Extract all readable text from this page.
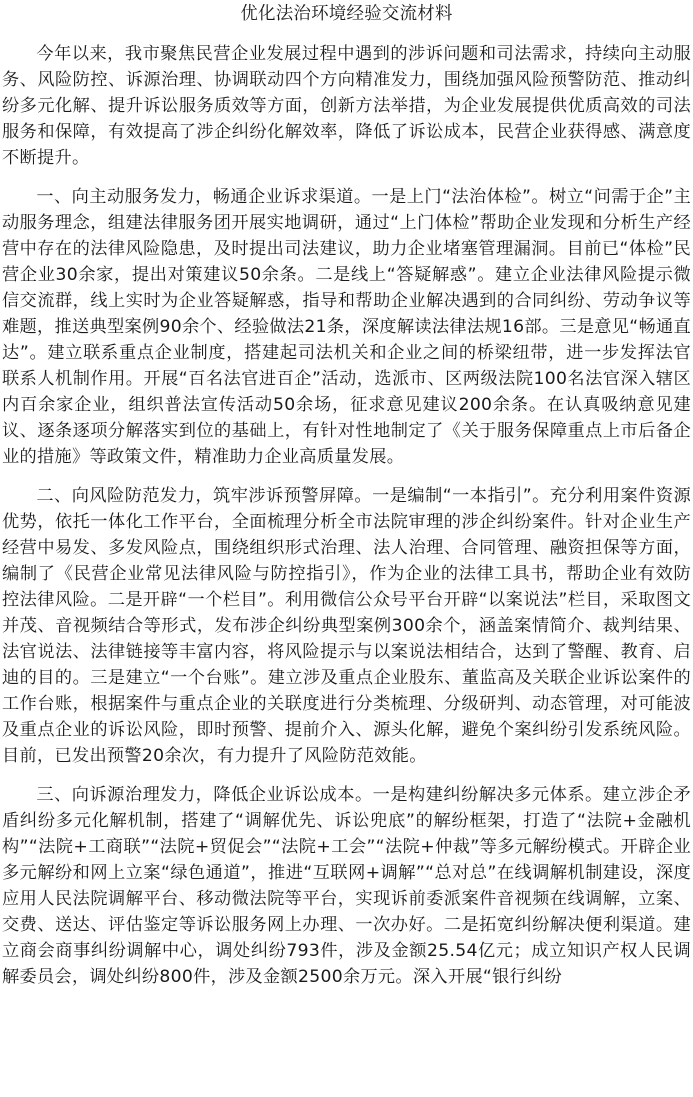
优化法治环境经验交流材料

今年以来，我市聚焦民营企业发展过程中遇到的涉诉问题和司法需求，持续向主动服务、风险防控、诉源治理、协调联动四个方向精准发力，围绕加强风险预警防范、推动纠纷多元化解、提升诉讼服务质效等方面，创新方法举措，为企业发展提供优质高效的司法服务和保障，有效提高了涉企纠纷化解效率，降低了诉讼成本，民营企业获得感、满意度不断提升。

一、向主动服务发力，畅通企业诉求渠道。一是上门“法治体检”。树立“问需于企”主动服务理念，组建法律服务团开展实地调研，通过“上门体检”帮助企业发现和分析生产经营中存在的法律风险隐患，及时提出司法建议，助力企业堵塞管理漏洞。目前已“体检”民营企业30余家，提出对策建议50余条。二是线上“答疑解惑”。建立企业法律风险提示微信交流群，线上实时为企业答疑解惑，指导和帮助企业解决遇到的合同纠纷、劳动争议等难题，推送典型案例90余个、经验做法21条，深度解读法律法规16部。三是意见“畅通直达”。建立联系重点企业制度，搭建起司法机关和企业之间的桥梁纽带，进一步发挥法官联系人机制作用。开展“百名法官进百企”活动，选派市、区两级法院100名法官深入辖区内百余家企业，组织普法宣传活动50余场，征求意见建议200余条。在认真吸纳意见建议、逐条逐项分解落实到位的基础上，有针对性地制定了《关于服务保障重点上市后备企业的措施》等政策文件，精准助力企业高质量发展。

二、向风险防范发力，筑牢涉诉预警屏障。一是编制“一本指引”。充分利用案件资源优势，依托一体化工作平台，全面梳理分析全市法院审理的涉企纠纷案件。针对企业生产经营中易发、多发风险点，围绕组织形式治理、法人治理、合同管理、融资担保等方面，编制了《民营企业常见法律风险与防控指引》，作为企业的法律工具书，帮助企业有效防控法律风险。二是开辟“一个栏目”。利用微信公众号平台开辟“以案说法”栏目，采取图文并茂、音视频结合等形式，发布涉企纠纷典型案例300余个，涵盖案情简介、裁判结果、法官说法、法律链接等丰富内容，将风险提示与以案说法相结合，达到了警醒、教育、启迪的目的。三是建立“一个台账”。建立涉及重点企业股东、董监高及关联企业诉讼案件的工作台账，根据案件与重点企业的关联度进行分类梳理、分级研判、动态管理，对可能波及重点企业的诉讼风险，即时预警、提前介入、源头化解，避免个案纠纷引发系统风险。目前，已发出预警20余次，有力提升了风险防范效能。

三、向诉源治理发力，降低企业诉讼成本。一是构建纠纷解决多元体系。建立涉企矛盾纠纷多元化解机制，搭建了“调解优先、诉讼兜底”的解纷框架，打造了“法院+金融机构”“法院+工商联”“法院+贸促会”“法院+工会”“法院+仲裁”等多元解纷模式。开辟企业多元解纷和网上立案“绿色通道”，推进“互联网+调解”“总对总”在线调解机制建设，深度应用人民法院调解平台、移动微法院等平台，实现诉前委派案件音视频在线调解，立案、交费、送达、评估鉴定等诉讼服务网上办理、一次办好。二是拓宽纠纷解决便利渠道。建立商会商事纠纷调解中心，调处纠纷793件，涉及金额25.54亿元；成立知识产权人民调解委员会，调处纠纷800件，涉及金额2500余万元。深入开展“银行纠纷
